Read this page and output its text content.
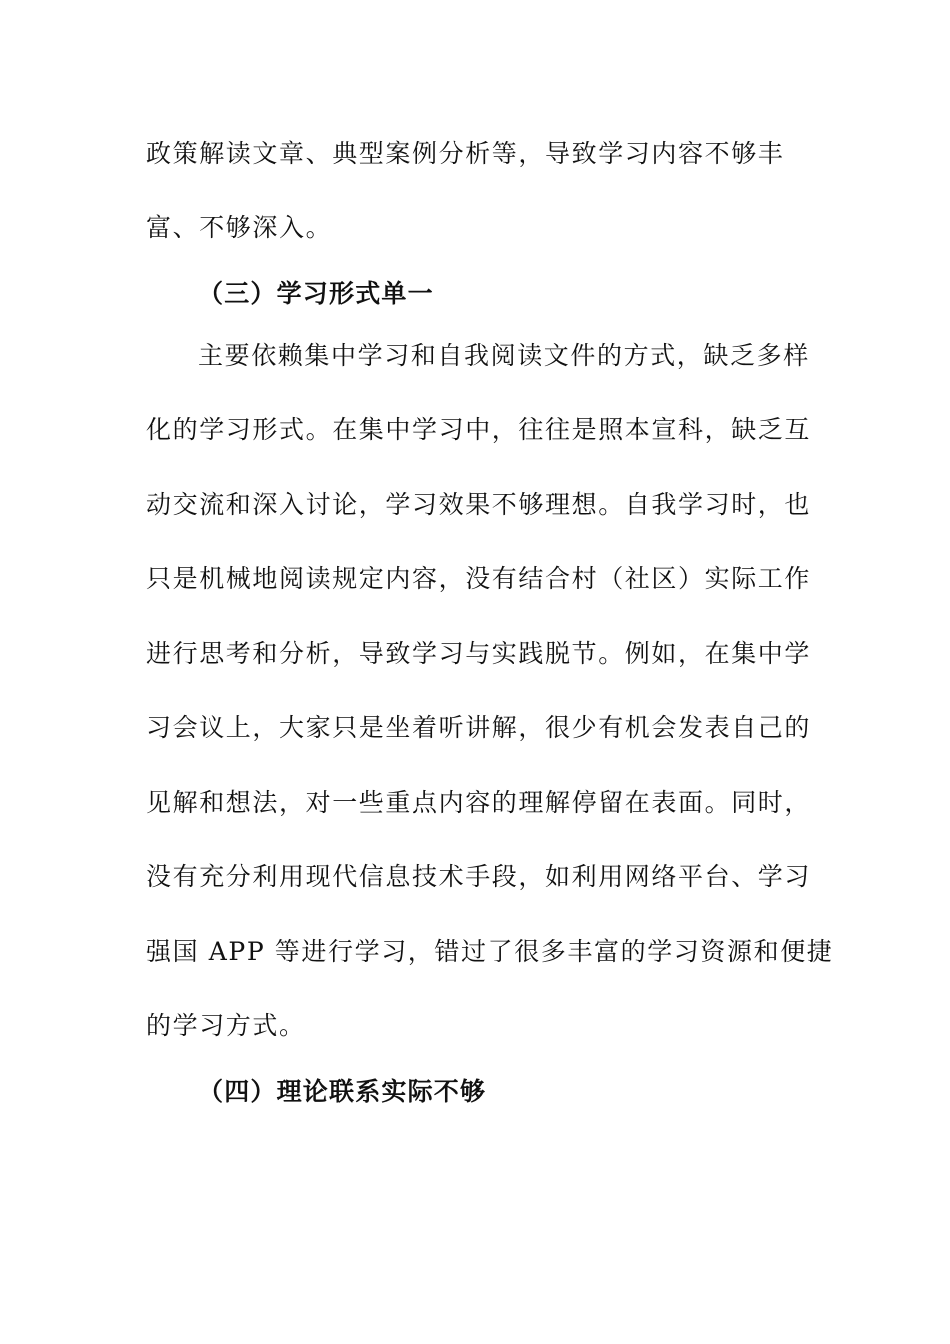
政策解读文章、典型案例分析等，导致学习内容不够丰
富、不够深入。
（三）学习形式单一
主要依赖集中学习和自我阅读文件的方式，缺乏多样
化的学习形式。在集中学习中，往往是照本宣科，缺乏互
动交流和深入讨论，学习效果不够理想。自我学习时，也
只是机械地阅读规定内容，没有结合村（社区）实际工作
进行思考和分析，导致学习与实践脱节。例如，在集中学
习会议上，大家只是坐着听讲解，很少有机会发表自己的
见解和想法，对一些重点内容的理解停留在表面。同时，
没有充分利用现代信息技术手段，如利用网络平台、学习
强国 APP 等进行学习，错过了很多丰富的学习资源和便捷
的学习方式。
（四）理论联系实际不够
